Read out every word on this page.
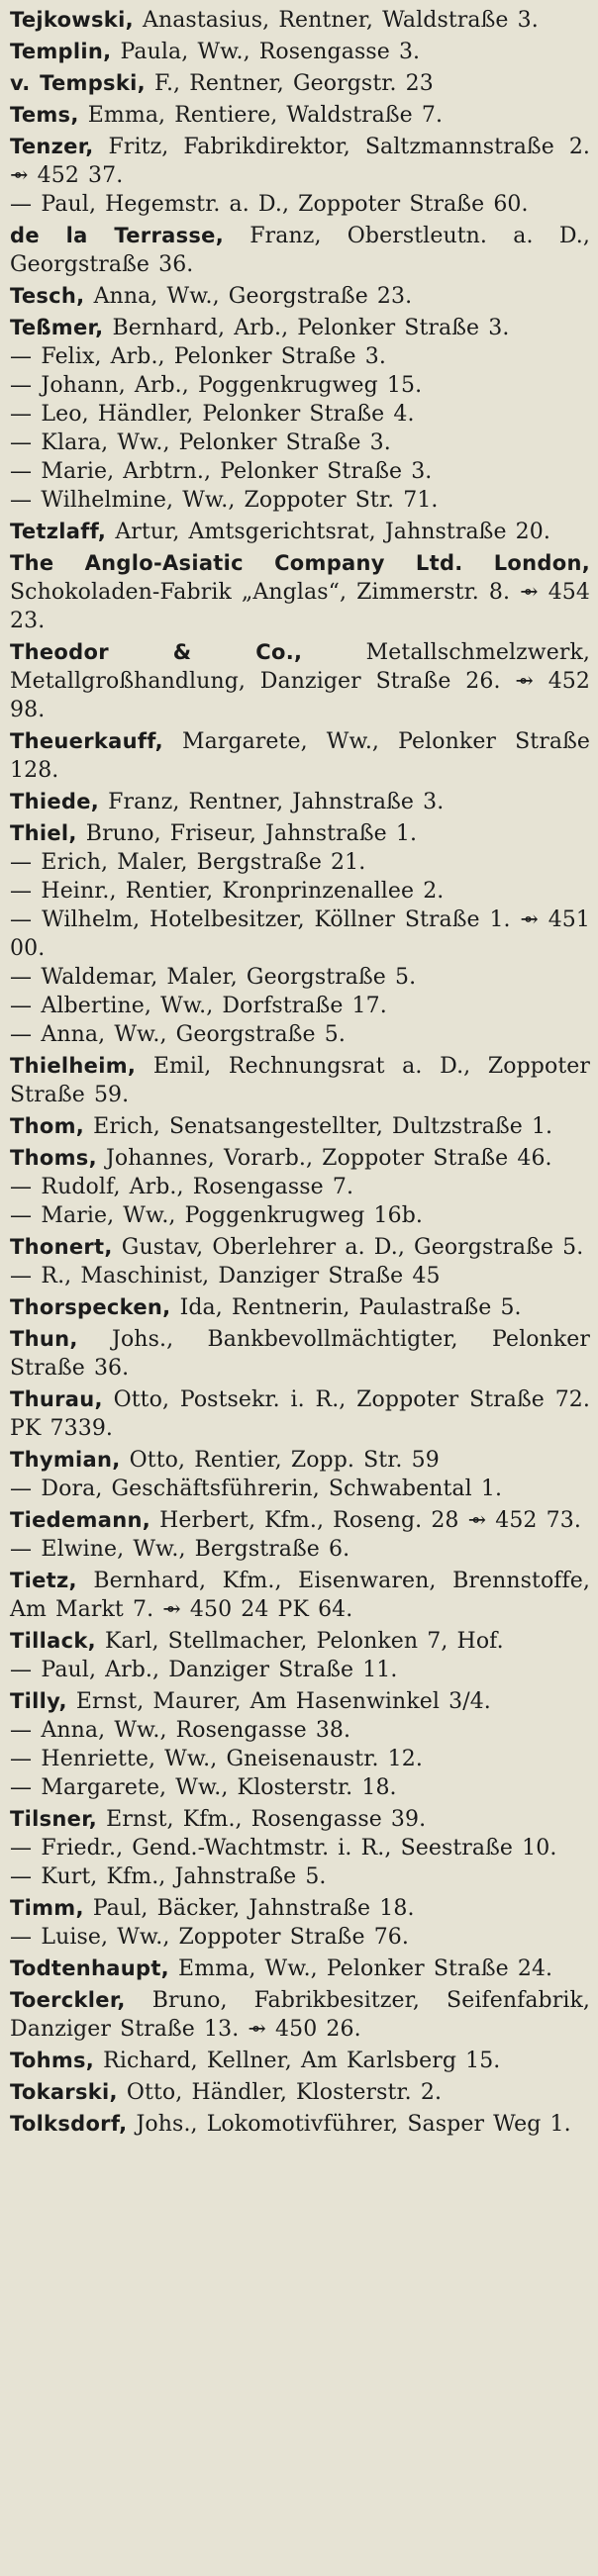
Tejkowski, Anastasius, Rentner, Waldstraße 3.

Templin, Paula, Ww., Rosengasse 3.

v. Tempski, F., Rentner, Georgstr. 23

Tems, Emma, Rentiere, Waldstraße 7.

Tenzer, Fritz, Fabrikdirektor, Saltzmannstraße 2. ⇴ 452 37.

— Paul, Hegemstr. a. D., Zoppoter Straße 60.

de la Terrasse, Franz, Oberstleutn. a. D., Georgstraße 36.

Tesch, Anna, Ww., Georgstraße 23.

Teßmer, Bernhard, Arb., Pelonker Straße 3.

— Felix, Arb., Pelonker Straße 3.

— Johann, Arb., Poggenkrugweg 15.

— Leo, Händler, Pelonker Straße 4.

— Klara, Ww., Pelonker Straße 3.

— Marie, Arbtrn., Pelonker Straße 3.

— Wilhelmine, Ww., Zoppoter Str. 71.

Tetzlaff, Artur, Amtsgerichtsrat, Jahnstraße 20.

The Anglo-Asiatic Company Ltd. London, Schokoladen-Fabrik „Anglas“, Zimmerstr. 8. ⇴ 454 23.

Theodor & Co.,	Metallschmelzwerk, Metallgroßhandlung, Danziger Straße 26. ⇴ 452 98.

Theuerkauff, Margarete, Ww., Pelonker Straße 128.

Thiede, Franz, Rentner, Jahnstraße 3.

Thiel, Bruno, Friseur, Jahnstraße 1.

— Erich, Maler, Bergstraße 21.

— Heinr., Rentier, Kronprinzenallee 2.

— Wilhelm, Hotelbesitzer, Köllner Straße 1. ⇴ 451 00.

— Waldemar, Maler, Georgstraße 5.

— Albertine, Ww., Dorfstraße 17.

— Anna, Ww., Georgstraße 5.

Thielheim, Emil, Rechnungsrat a. D., Zoppoter Straße 59.

Thom, Erich, Senatsangestellter, Dultzstraße 1.

Thoms, Johannes, Vorarb., Zoppoter Straße 46.

— Rudolf, Arb., Rosengasse 7.

— Marie, Ww., Poggenkrugweg 16b.

Thonert, Gustav, Oberlehrer a. D., Georgstraße 5.

— R., Maschinist, Danziger Straße 45

Thorspecken, Ida, Rentnerin, Paulastraße 5.

Thun, Johs., Bankbevollmächtigter, Pelonker Straße 36.

Thurau, Otto, Postsekr. i. R., Zoppoter Straße 72. PK 7339.

Thymian, Otto, Rentier, Zopp. Str. 59

— Dora, Geschäftsführerin, Schwabental 1.

Tiedemann, Herbert, Kfm., Roseng. 28 ⇴ 452 73.

— Elwine, Ww., Bergstraße 6.

Tietz, Bernhard, Kfm., Eisenwaren, Brennstoffe, Am Markt 7. ⇴ 450 24 PK 64.

Tillack, Karl, Stellmacher, Pelonken 7, Hof.

— Paul, Arb., Danziger Straße 11.

Tilly, Ernst, Maurer, Am Hasenwinkel 3/4.

— Anna, Ww., Rosengasse 38.

— Henriette, Ww., Gneisenaustr. 12.

— Margarete, Ww., Klosterstr. 18.

Tilsner, Ernst, Kfm., Rosengasse 39.

— Friedr., Gend.-Wachtmstr. i. R., Seestraße 10.

— Kurt, Kfm., Jahnstraße 5.

Timm, Paul, Bäcker, Jahnstraße 18.

— Luise, Ww., Zoppoter Straße 76.

Todtenhaupt, Emma, Ww., Pelonker Straße 24.

Toerckler, Bruno, Fabrikbesitzer, Seifenfabrik, Danziger Straße 13. ⇴ 450 26.

Tohms, Richard, Kellner, Am Karlsberg 15.

Tokarski, Otto, Händler, Klosterstr. 2.

Tolksdorf, Johs., Lokomotivführer, Sasper Weg 1.
